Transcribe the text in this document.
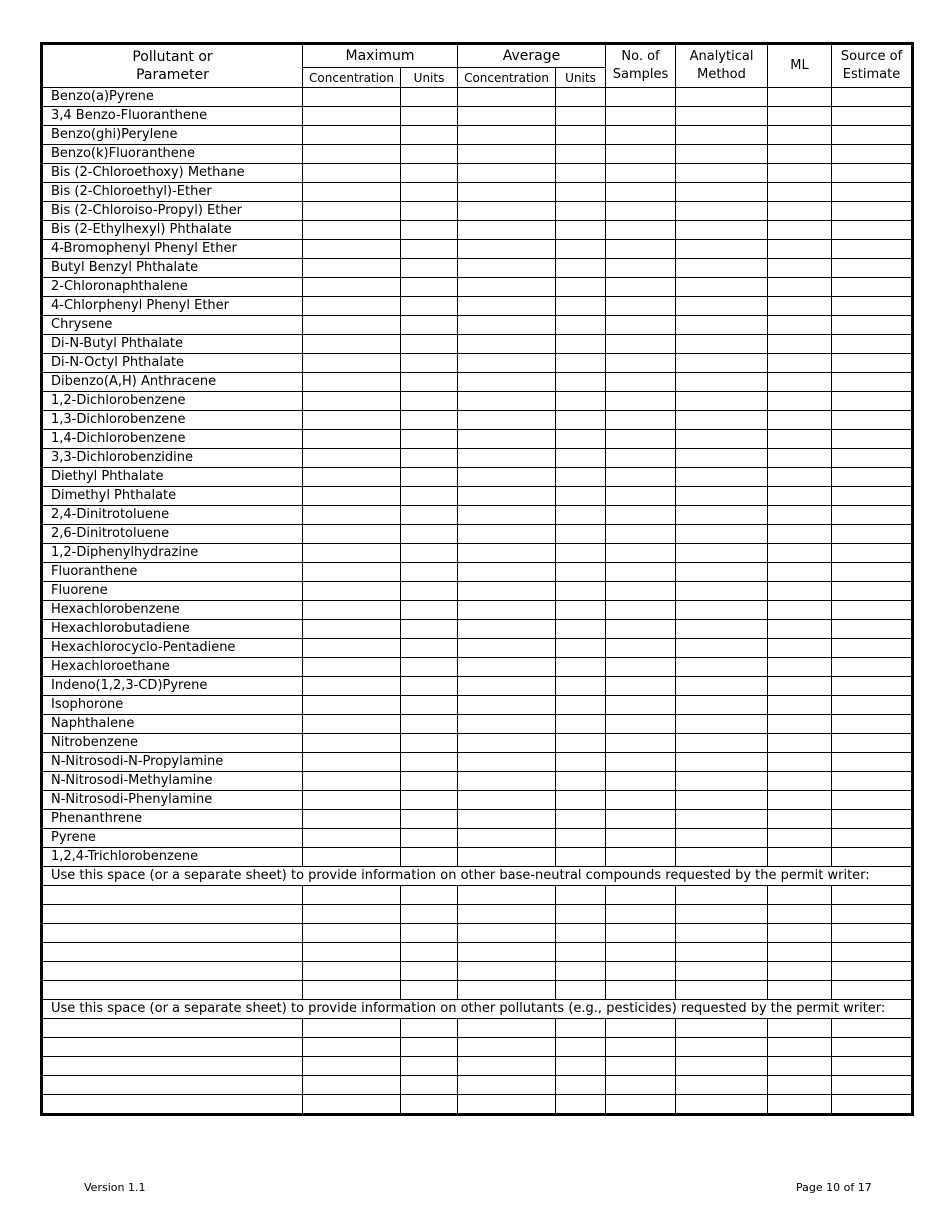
Pollutant or Parameter	Maximum		Average		No. of Samples	Analytical Method	ML	Source of Estimate
	Concentration	Units	Concentration	Units				
Benzo(a)Pyrene								
3,4 Benzo-Fluoranthene								
Benzo(ghi)Perylene								
Benzo(k)Fluoranthene								
Bis (2-Chloroethoxy) Methane								
Bis (2-Chloroethyl)-Ether								
Bis (2-Chloroiso-Propyl) Ether								
Bis (2-Ethylhexyl) Phthalate								
4-Bromophenyl Phenyl Ether								
Butyl Benzyl Phthalate								
2-Chloronaphthalene								
4-Chlorphenyl Phenyl Ether								
Chrysene								
Di-N-Butyl Phthalate								
Di-N-Octyl Phthalate								
Dibenzo(A,H) Anthracene								
1,2-Dichlorobenzene								
1,3-Dichlorobenzene								
1,4-Dichlorobenzene								
3,3-Dichlorobenzidine								
Diethyl Phthalate								
Dimethyl Phthalate								
2,4-Dinitrotoluene								
2,6-Dinitrotoluene								
1,2-Diphenylhydrazine								
Fluoranthene								
Fluorene								
Hexachlorobenzene								
Hexachlorobutadiene								
Hexachlorocyclo-Pentadiene								
Hexachloroethane								
Indeno(1,2,3-CD)Pyrene								
Isophorone								
Naphthalene								
Nitrobenzene								
N-Nitrosodi-N-Propylamine								
N-Nitrosodi-Methylamine								
N-Nitrosodi-Phenylamine								
Phenanthrene								
Pyrene								
1,2,4-Trichlorobenzene								
Use this space (or a separate sheet) to provide information on other base-neutral compounds requested by the permit writer:								

Use this space (or a separate sheet) to provide information on other pollutants (e.g., pesticides) requested by the permit writer:								

Version 1.1	Page 10 of 17
